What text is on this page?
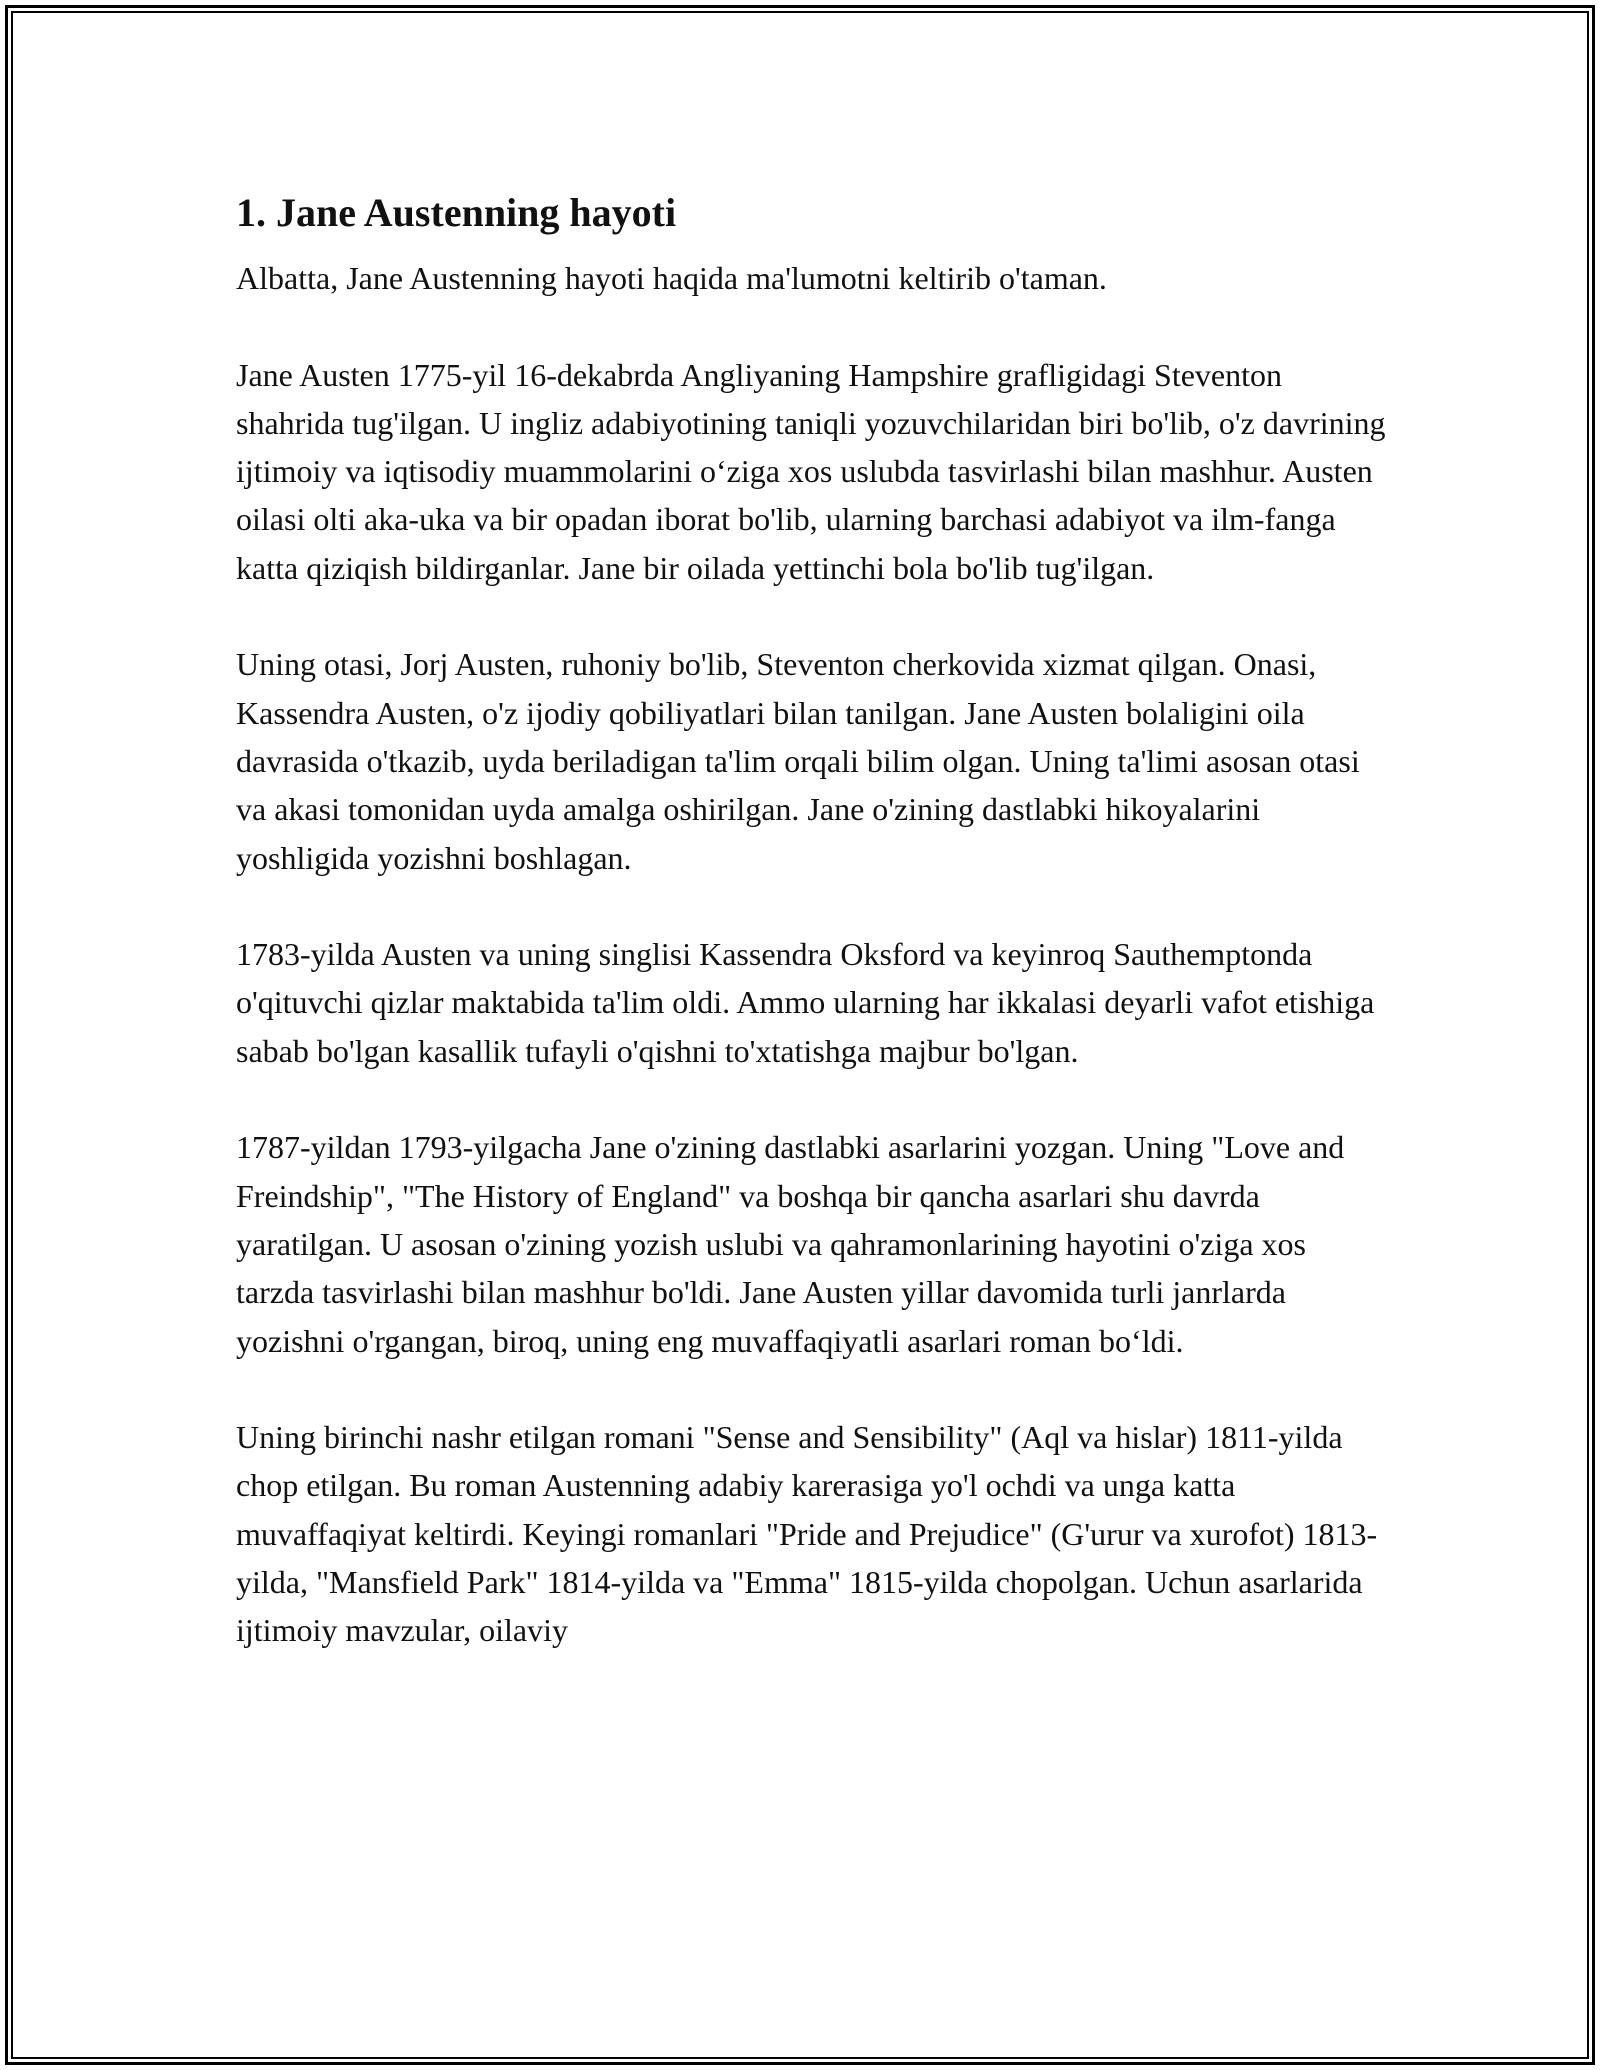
1. Jane Austenning hayoti

Albatta, Jane Austenning hayoti haqida ma'lumotni keltirib o'taman.

Jane Austen 1775-yil 16-dekabrda Angliyaning Hampshire grafligidagi Steventon shahrida tug'ilgan. U ingliz adabiyotining taniqli yozuvchilaridan biri bo'lib, o'z davrining ijtimoiy va iqtisodiy muammolarini o‘ziga xos uslubda tasvirlashi bilan mashhur. Austen oilasi olti aka-uka va bir opadan iborat bo'lib, ularning barchasi adabiyot va ilm-fanga katta qiziqish bildirganlar. Jane bir oilada yettinchi bola bo'lib tug'ilgan.

Uning otasi, Jorj Austen, ruhoniy bo'lib, Steventon cherkovida xizmat qilgan. Onasi, Kassendra Austen, o'z ijodiy qobiliyatlari bilan tanilgan. Jane Austen bolaligini oila davrasida o'tkazib, uyda beriladigan ta'lim orqali bilim olgan. Uning ta'limi asosan otasi va akasi tomonidan uyda amalga oshirilgan. Jane o'zining dastlabki hikoyalarini yoshligida yozishni boshlagan.

1783-yilda Austen va uning singlisi Kassendra Oksford va keyinroq Sauthemptonda o'qituvchi qizlar maktabida ta'lim oldi. Ammo ularning har ikkalasi deyarli vafot etishiga sabab bo'lgan kasallik tufayli o'qishni to'xtatishga majbur bo'lgan.

1787-yildan 1793-yilgacha Jane o'zining dastlabki asarlarini yozgan. Uning "Love and Freindship", "The History of England" va boshqa bir qancha asarlari shu davrda yaratilgan. U asosan o'zining yozish uslubi va qahramonlarining hayotini o'ziga xos tarzda tasvirlashi bilan mashhur bo'ldi. Jane Austen yillar davomida turli janrlarda yozishni o'rgangan, biroq, uning eng muvaffaqiyatli asarlari roman bo‘ldi.

Uning birinchi nashr etilgan romani "Sense and Sensibility" (Aql va hislar) 1811-yilda chop etilgan. Bu roman Austenning adabiy karerasiga yo'l ochdi va unga katta muvaffaqiyat keltirdi. Keyingi romanlari "Pride and Prejudice" (G'urur va xurofot) 1813-yilda, "Mansfield Park" 1814-yilda va "Emma" 1815-yilda chopolgan. Uchun asarlarida ijtimoiy mavzular, oilaviy
